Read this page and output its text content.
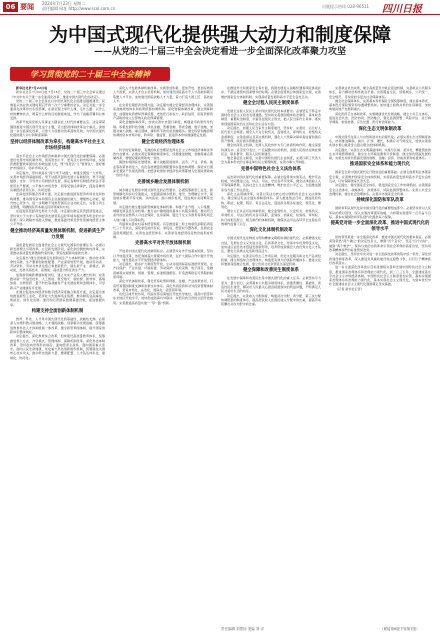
06 要闻 2024年7月23日 星期二
责任编辑 网址 http://www.scol.com.cn	问题提示热线 028-96511 四川日报
为中国式现代化提供强大动力和制度保障
——从党的二十届三中全会决定看进一步全面深化改革聚力攻坚
学习贯彻党的二十届三中全会精神

新华社北京7月22日电

新华社北京7月22日电 7月18日，党的二十届三中全会审议通过《中共中央关于进一步全面深化改革、推进中国式现代化的决定》。

党的二十届三中全会是在以中国式现代化全面推进强国建设、民族复兴伟业的关键时期召开的一次十分重要的会议。决定对进一步全面深化改革作出系统部署，在新征程上举什么旗、走什么路、以什么样的精神状态、朝着什么样的目标继续前进，作出了战略部署和总体安排。

改革开放是党和人民事业大踏步赶上时代的重要法宝。决定紧紧围绕推进中国式现代化这个主题，突出经济体制改革这个重点，谋划进一步全面深化改革，以更大力度推动改革落地见效，为中国式现代化提供强大动力和制度保障。

坚持以经济体制改革为牵引，构建高水平社会主义市场经济体制

高水平社会主义市场经济体制是中国式现代化的重要保障。必须更好发挥市场机制作用，创造更加公平、更有活力的市场环境，实现资源配置效率最优化和效益最大化，既“放得活”又“管得住”，更好维护市场秩序、弥补市场失灵。

决定提出，坚持和落实“两个毫不动摇”，构建全国统一大市场，完善市场经济基础制度。毫不动摇巩固和发展公有制经济，毫不动摇鼓励、支持、引导非公有制经济发展，保证各种所有制经济依法平等使用生产要素、公平参与市场竞争、同等受到法律保护，促进各种所有制经济优势互补、共同发展。

在深化国资国企改革方面，决定提出推进国有经济布局优化和结构调整，推动国有资本和国有企业做强做优做大，增强核心功能，提升核心竞争力。进一步明晰不同类型国有企业功能定位，完善主责主业管理，明确国有资本重点投资领域和方向。

在促进民营经济发展壮大方面，决定提出制定民营经济促进法，坚持致力于为非公有制经济发展营造良好环境和提供更多机会的方针政策。深入破除市场准入壁垒，推进基础设施竞争性领域向经营主体公平开放。

健全推动经济高质量发展体制机制，促进新质生产力发展

高质量发展是全面建设社会主义现代化国家的首要任务。必须以新发展理念引领改革，立足新发展阶段，深化供给侧结构性改革，完善推动高质量发展激励约束机制，塑造发展新动能新优势。

决定提出“健全因地制宜发展新质生产力体制机制”。推动技术革命性突破、生产要素创新性配置、产业深度转型升级，推动劳动者、劳动资料、劳动对象优化组合和更新跃升，催生新产业、新模式、新动能，发展以高技术、高效能、高质量为特征的生产力。

加强新领域新赛道制度供给，建立未来产业投入增长机制，完善推动新一代信息技术、人工智能、航空航天、新能源、新材料、高端装备、生物医药、量子科技等战略性产业发展政策和治理体系，引导新兴产业健康有序发展。

在健全促进实体经济和数字经济深度融合制度方面，决定提出加快推进新型工业化，培育壮大先进制造业集群，推动制造业高端化、智能化、绿色化发展。建设和运营国家数据基础设施，促进数据共享。

构建支持全面创新体制机制

教育、科技、人才是中国式现代化的基础性、战略性支撑。必须深入实施科教兴国战略、人才强国战略、创新驱动发展战略，统筹推进教育科技人才体制机制一体改革，健全新型举国体制，提升国家创新体系整体效能。

决定提出，深化教育综合改革，加快建设高质量教育体系，统筹推进育人方式、办学模式、管理体制、保障机制改革。深化科技体制改革，坚持面向世界科技前沿、面向经济主战场、面向国家重大需求、面向人民生命健康，优化重大科技创新组织机制，统筹强化关键核心技术攻关，推动科技创新力量、要素配置、人才队伍体系化、建制化、协同化。

深化人才发展体制机制改革。实施更加积极、更加开放、更加有效的人才政策，完善人才自主培养机制，加快建设国家高水平人才高地和吸引集聚人才平台。加快建设国家战略人才力量，着力打造大国工匠、高技能人才。

在完善宏观经济治理方面，决定提出健全宏观经济治理体系，完善国家战略规划体系和政策统筹协调机制。深化财税体制改革，健全预算制度，加强财政资源和预算统筹，把依托行政权力、政府信用、国有资源资产获取的收入全部纳入政府预算管理。

深化金融体制改革，加快完善中央银行制度，畅通货币政策传导机制。积极发展科技金融、绿色金融、普惠金融、养老金融、数字金融，加强对重大战略、重点领域、薄弱环节的优质金融服务。健全投资和融资相协调的资本市场功能，防风险、强监管，促进资本市场健康稳定发展。

健全宏观经济治理体系

科学的宏观调控，有效的政府治理是发挥社会主义市场经济体制优势的内在要求。必须完善宏观调控制度体系，统筹推进财税、金融等重点领域改革，增强宏观政策取向一致性。

围绕实施国家发展规划、重大战略促进财政、货币、产业、价格、就业等政策协同发力，优化各类增量资源配置和存量结构调整。探索实行国家宏观资产负债表管理。把经济政策和非经济性政策都纳入宏观政策取向一致性评估。

完善城乡融合发展体制机制

城乡融合发展是中国式现代化的必然要求。必须统筹新型工业化、新型城镇化和乡村全面振兴，全面提高城乡规划、建设、治理融合水平，促进城乡要素平等交换、双向流动，缩小城乡差别，促进城乡共同繁荣发展。

决定提出健全推进新型城镇化体制机制。构建产业升级、人口集聚、城镇发展良性互动机制。推行由户籍地提供基本公共服务制度，推动符合条件的农业转移人口社会保险、住房保障、随迁子女义务教育等享有同迁入地户籍人口同等权利。

巩固和完善农村基本经营制度。有序推进第二轮土地承包到期后再延长三十年试点，深化承包地所有权、承包权、经营权分置改革，发展农业适度规模经营。完善农业经营体系，完善承包地经营权流转价格形成机制。

完善高水平对外开放体制机制

开放是中国式现代化的鲜明标识。必须坚持对外开放基本国策，坚持以开放促改革，依托我国超大规模市场优势，在扩大国际合作中提升开放能力，建设更高水平开放型经济新体制。

决定提出，稳步扩大制度型开放，主动对接国际高标准经贸规则，在产权保护、产业补贴、环境标准、劳动保护、政府采购、电子商务、金融领域等实现规则、规制、管理、标准相通相容，打造透明稳定可预期的制度环境。

深化外贸体制改革，强化贸易政策和财税、金融、产业政策协同，打造贸易强国制度支撑和政策支持体系。深化外商投资和对外投资管理体制改革，营造市场化、法治化、国际化一流营商环境。

优化区域开放布局，巩固东部沿海地区开放先导地位，提高中西部和东北地区开放水平，加快形成陆海内外联动、东西双向互济的全面开放格局。完善推进高质量共建“一带一路”机制。

在推进外交和国家安全等方面，我国发展进入战略机遇和风险挑战并存、不确定难预料因素增多的时期。必须全面贯彻总体国家安全观，完善维护国家安全体制机制，实现高质量发展和高水平安全良性互动。

健全全过程人民民主制度体系

发展全过程人民民主是中国式现代化的本质要求。必须坚定不移走中国特色社会主义政治发展道路，坚持和完善我国根本政治制度、基本政治制度、重要政治制度，丰富各层级民主形式，把人民当家作主具体、现实体现到国家政治生活和社会生活各方面。

决定提出，加强人民当家作主制度建设，坚持好、完善好、运行好人民代表大会制度。健全人大对行政机关、监察机关、审判机关、检察机关监督制度，完善监督法及其实施机制，强化人大预算决算审查监督和国有资产管理、政府债务管理监督。

健全协商民主机制，发挥人民政协作为专门协商机构作用，健全深度协商互动、意见充分表达、广泛凝聚共识的机制，加强人民政协反映社情民意、联系群众、服务人民机制建设。

健全基层民主制度，完善中国特色现代企业制度，完善以职工代表大会为基本形式的企事业单位民主管理制度，完善办事公开制度。

完善中国特色社会主义法治体系

法治是中国式现代化的重要保障。必须全面贯彻实施宪法，维护宪法权威，协同推进立法、执法、司法、守法各环节改革，健全法律面前人人平等保障机制，弘扬社会主义法治精神，维护社会公平正义，全面推进国家各方面工作法治化。

深化立法领域改革，完善以宪法为核心的中国特色社会主义法律体系，健全保证宪法全面实施制度体系。深入推进依法行政，推进政府机构、职能、权限、程序、责任法定化，促进政务服务标准化、规范化、便利化。

健全公正执法司法体制机制，健全监察机关、公安机关、检察机关、审判机关、司法行政机关各司其职，监察权、侦查权、检察权、审判权、执行权相互配合、相互制约的体制机制，确保执法司法各环节全过程在有效制约监督下运行。

深化文化体制机制改革

中国式现代化是物质文明和精神文明相协调的现代化。必须增强文化自信，发展社会主义先进文化，弘扬革命文化，传承中华优秀传统文化，加快适应信息技术迅猛发展新形势，培育形成规模宏大的优秀文化人才队伍，激发全民族文化创新创造活力。

决定提出，完善意识形态工作责任制，优化文化服务和文化产品供给机制，健全网络综合治理体系，构建更有效力的国际传播体系。推进文化和旅游深度融合发展，建立优质文化资源直达基层机制。

健全保障和改善民生制度体系

在发展中保障和改善民生是中国式现代化的重大任务。必须坚持尽力而为、量力而行，完善基本公共服务制度体系，加强普惠性、基础性、兜底性民生建设，解决好人民最关心最直接最现实的利益问题，不断满足人民对美好生活的向往。

决定提出，完善收入分配制度，构建初次分配、再分配、第三次分配协调配套的制度体系，提高居民收入在国民收入分配中的比重，提高劳动报酬在初次分配中的比重。

完善就业优先政策，健全高质量充分就业促进机制，完善就业公共服务体系，着力解决结构性就业矛盾。完善覆盖全民、统筹城乡、公平统一、安全规范、可持续的多层次社会保障体系。

健全社会保障体系，完善基本养老保险全国统筹制度，健全基本养老、基本医疗保险筹资和待遇调整机制。加快建立租购并举的住房制度，加快构建房地产发展新模式。

深化医药卫生体制改革，实施健康优先发展战略，健全公共卫生体系，促进社会共治、医防协同、医防融合，强化监测预警、风险评估、流行病学调查、检验检测、应急处置、医疗救治等能力。

深化生态文明体制改革

中国式现代化是人与自然和谐共生的现代化。必须完善生态文明制度体系，协同推进降碳、减污、扩绿、增长，积极应对气候变化，加快完善落实绿水青山就是金山银山理念的体制机制。

决定提出，完善生态文明基础体制，实施分区域、差异化、精准管控的生态环境管理制度，健全生态环境监测和评价制度。健全绿色低碳发展机制，实施支持绿色低碳发展的财税、金融、投资、价格政策和标准体系。

推进国家安全体系和能力现代化

国家安全是中国式现代化行稳致远的重要基础。必须全面贯彻总体国家安全观，完善维护国家安全体制机制，实现高质量发展和高水平安全良性互动，切实保障国家长治久安。

决定提出，健全国家安全体系，强化国家安全工作协调机制，完善国家安全法治体系、战略体系、政策体系、风险监测预警体系。完善公共安全治理机制，健全社会治理体系，完善涉外国家安全机制。

持续深化国防和军队改革

国防和军队现代化是中国式现代化的重要组成部分。必须坚持党对人民军队的绝对领导，深入实施改革强军战略，为如期实现建军一百年奋斗目标、基本实现国防和军队现代化提供有力保障。

提高党对进一步全面深化改革、推进中国式现代化的领导水平

党的领导是进一步全面深化改革、推进中国式现代化的根本保证。必须深刻领悟“两个确立”的决定性意义，增强“四个意识”、坚定“四个自信”、做到“两个维护”，保持以党的自我革命引领社会革命的高度自觉，坚持用改革精神和严的标准管党治党。

决定提出，坚持党中央对进一步全面深化改革的集中统一领导，深化党的建设制度改革，深入推进党风廉政建设和反腐败斗争，以钉钉子精神抓好改革落实。

进一步全面深化改革的总目标是继续完善和发展中国特色社会主义制度，推进国家治理体系和治理能力现代化。到二〇三五年，全面建成高水平社会主义市场经济体制，中国特色社会主义制度更加完善，基本实现国家治理体系和治理能力现代化，基本实现社会主义现代化，为到本世纪中叶全面建成社会主义现代化强国奠定坚实基础。

（记者 新华社记者）

责任编辑 刘思扬 美编 刘 洋	（紧接第6版下转第7版）
